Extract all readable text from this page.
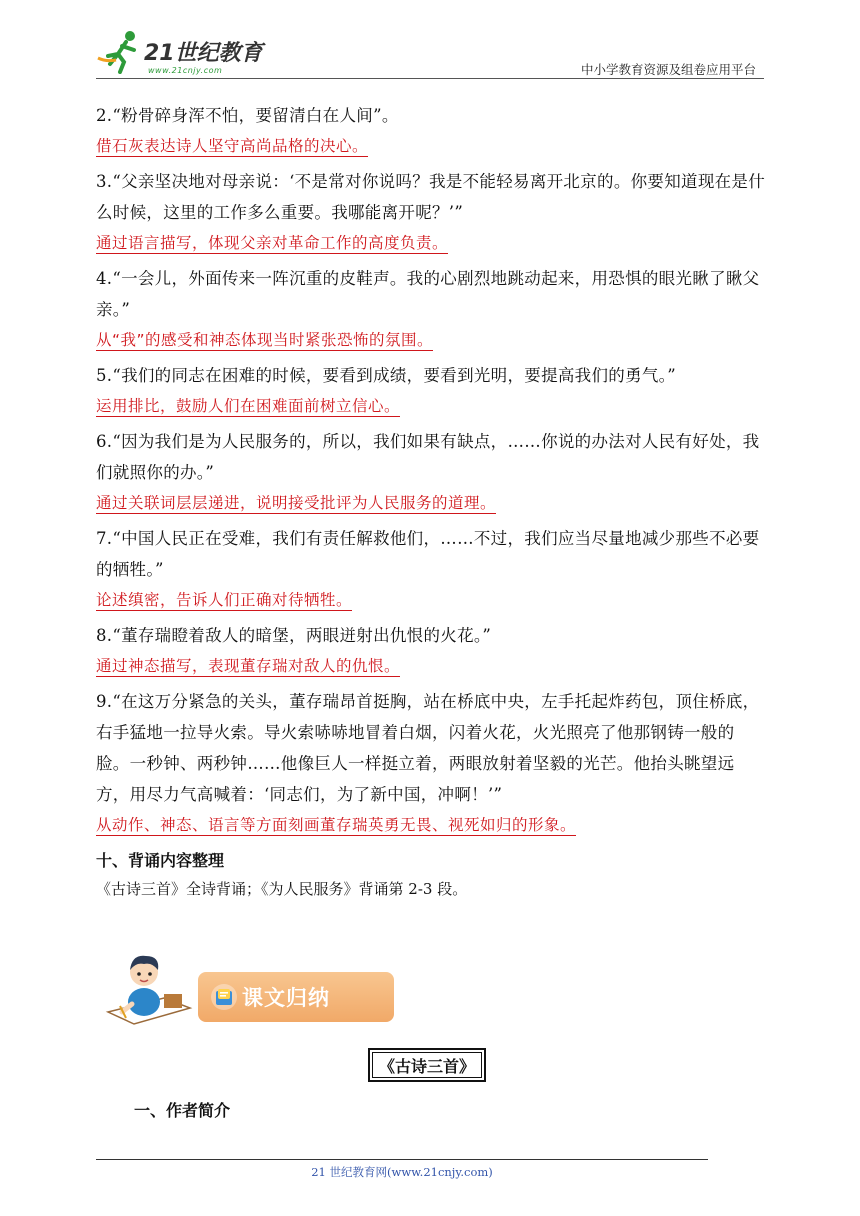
21世纪教育
www.21cnjy.com	中小学教育资源及组卷应用平台

2.“粉骨碎身浑不怕，要留清白在人间”。

借石灰表达诗人坚守高尚品格的决心。

3.“父亲坚决地对母亲说：‘不是常对你说吗？我是不能轻易离开北京的。你要知道现在是什么时候，这里的工作多么重要。我哪能离开呢？’”

通过语言描写，体现父亲对革命工作的高度负责。

4.“一会儿，外面传来一阵沉重的皮鞋声。我的心剧烈地跳动起来，用恐惧的眼光瞅了瞅父亲。”

从“我”的感受和神态体现当时紧张恐怖的氛围。

5.“我们的同志在困难的时候，要看到成绩，要看到光明，要提高我们的勇气。”

运用排比，鼓励人们在困难面前树立信心。

6.“因为我们是为人民服务的，所以，我们如果有缺点，……你说的办法对人民有好处，我们就照你的办。”

通过关联词层层递进，说明接受批评为人民服务的道理。

7.“中国人民正在受难，我们有责任解救他们，……不过，我们应当尽量地减少那些不必要的牺牲。”

论述缜密，告诉人们正确对待牺牲。

8.“董存瑞瞪着敌人的暗堡，两眼迸射出仇恨的火花。”

通过神态描写，表现董存瑞对敌人的仇恨。

9.“在这万分紧急的关头，董存瑞昂首挺胸，站在桥底中央，左手托起炸药包，顶住桥底，右手猛地一拉导火索。导火索哧哧地冒着白烟，闪着火花，火光照亮了他那钢铸一般的脸。一秒钟、两秒钟……他像巨人一样挺立着，两眼放射着坚毅的光芒。他抬头眺望远方，用尽力气高喊着：‘同志们，为了新中国，冲啊！’”

从动作、神态、语言等方面刻画董存瑞英勇无畏、视死如归的形象。

十、背诵内容整理

《古诗三首》全诗背诵；《为人民服务》背诵第 2-3 段。

课文归纳
《古诗三首》
一、作者简介
21 世纪教育网(www.21cnjy.com)
